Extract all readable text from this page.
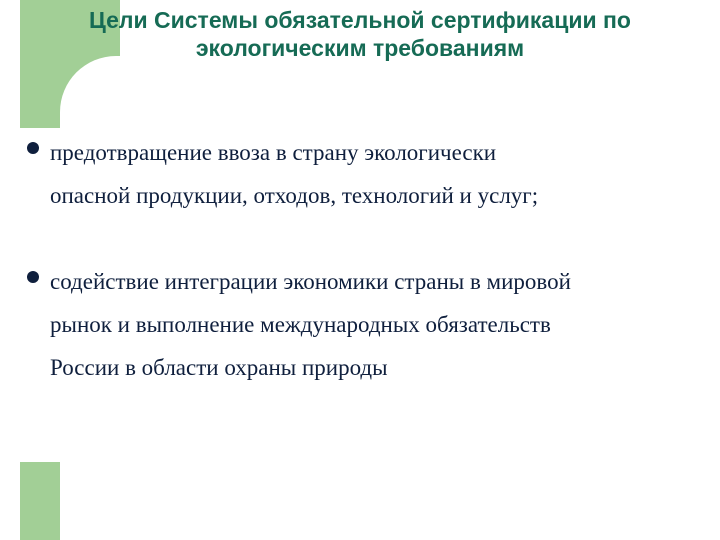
Цели Системы обязательной сертификации по
экологическим требованиям
предотвращение ввоза в страну экологически
опасной продукции, отходов, технологий и услуг;
содействие интеграции экономики страны в мировой
рынок и выполнение международных обязательств
России в области охраны природы
